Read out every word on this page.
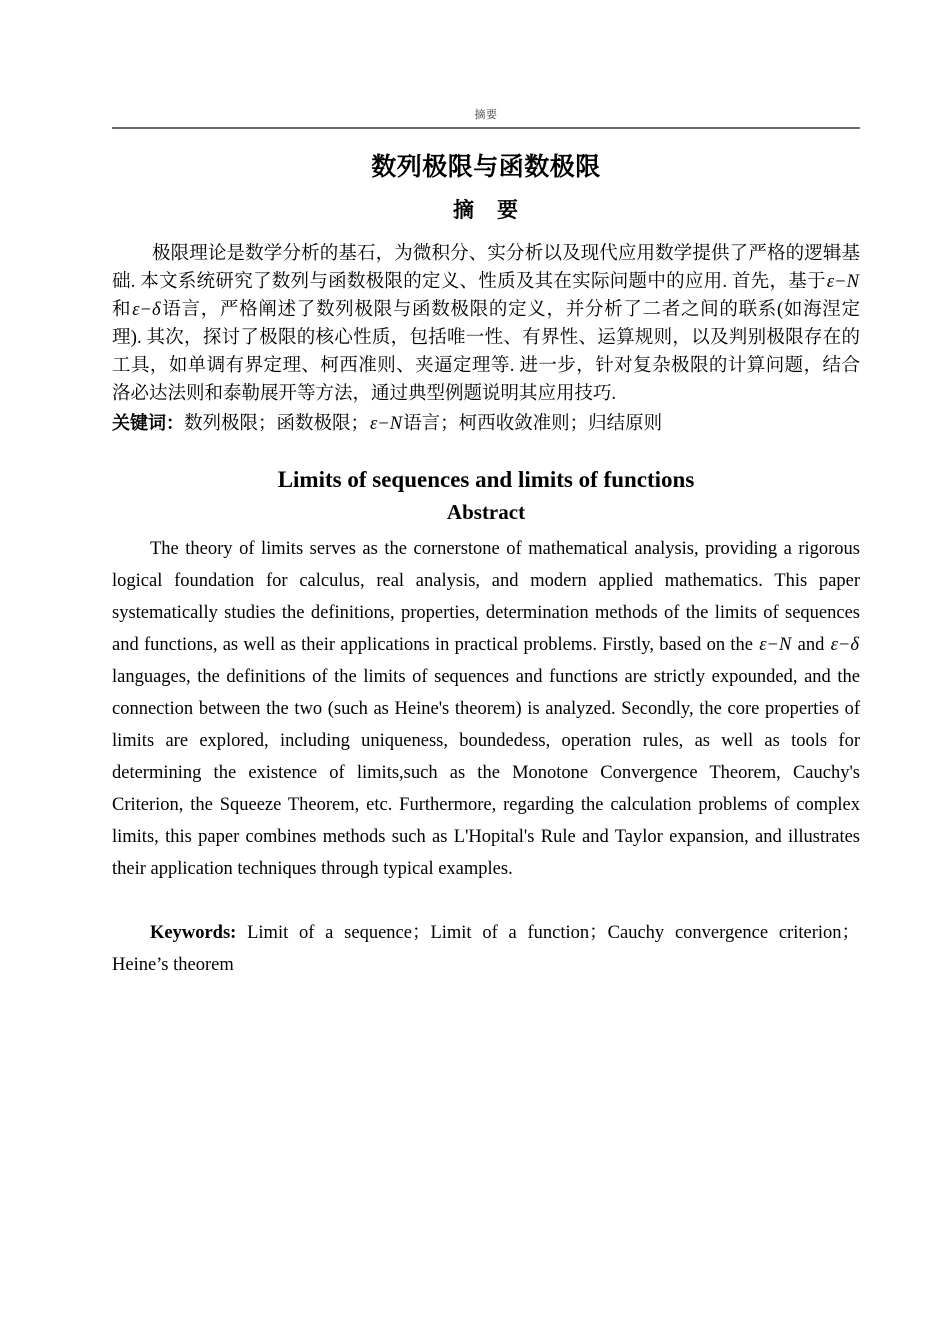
摘要
数列极限与函数极限
摘　要
极限理论是数学分析的基石，为微积分、实分析以及现代应用数学提供了严格的逻辑基础. 本文系统研究了数列与函数极限的定义、性质及其在实际问题中的应用. 首先，基于ε−N和ε−δ语言，严格阐述了数列极限与函数极限的定义，并分析了二者之间的联系(如海涅定理). 其次，探讨了极限的核心性质，包括唯一性、有界性、运算规则，以及判别极限存在的工具，如单调有界定理、柯西准则、夹逼定理等. 进一步，针对复杂极限的计算问题，结合洛必达法则和泰勒展开等方法，通过典型例题说明其应用技巧.
关键词：数列极限；函数极限；ε−N语言；柯西收敛准则；归结原则
Limits of sequences and limits of functions
Abstract
The theory of limits serves as the cornerstone of mathematical analysis, providing a rigorous logical foundation for calculus, real analysis, and modern applied mathematics. This paper systematically studies the definitions, properties, determination methods of the limits of sequences and functions, as well as their applications in practical problems. Firstly, based on the ε−N and ε−δ languages, the definitions of the limits of sequences and functions are strictly expounded, and the connection between the two (such as Heine's theorem) is analyzed. Secondly, the core properties of limits are explored, including uniqueness, boundedess, operation rules, as well as tools for determining the existence of limits,such as the Monotone Convergence Theorem, Cauchy's Criterion, the Squeeze Theorem, etc. Furthermore, regarding the calculation problems of complex limits, this paper combines methods such as L'Hopital's Rule and Taylor expansion, and illustrates their application techniques through typical examples.
Keywords: Limit of a sequence；Limit of a function；Cauchy convergence criterion；Heine’s theorem
